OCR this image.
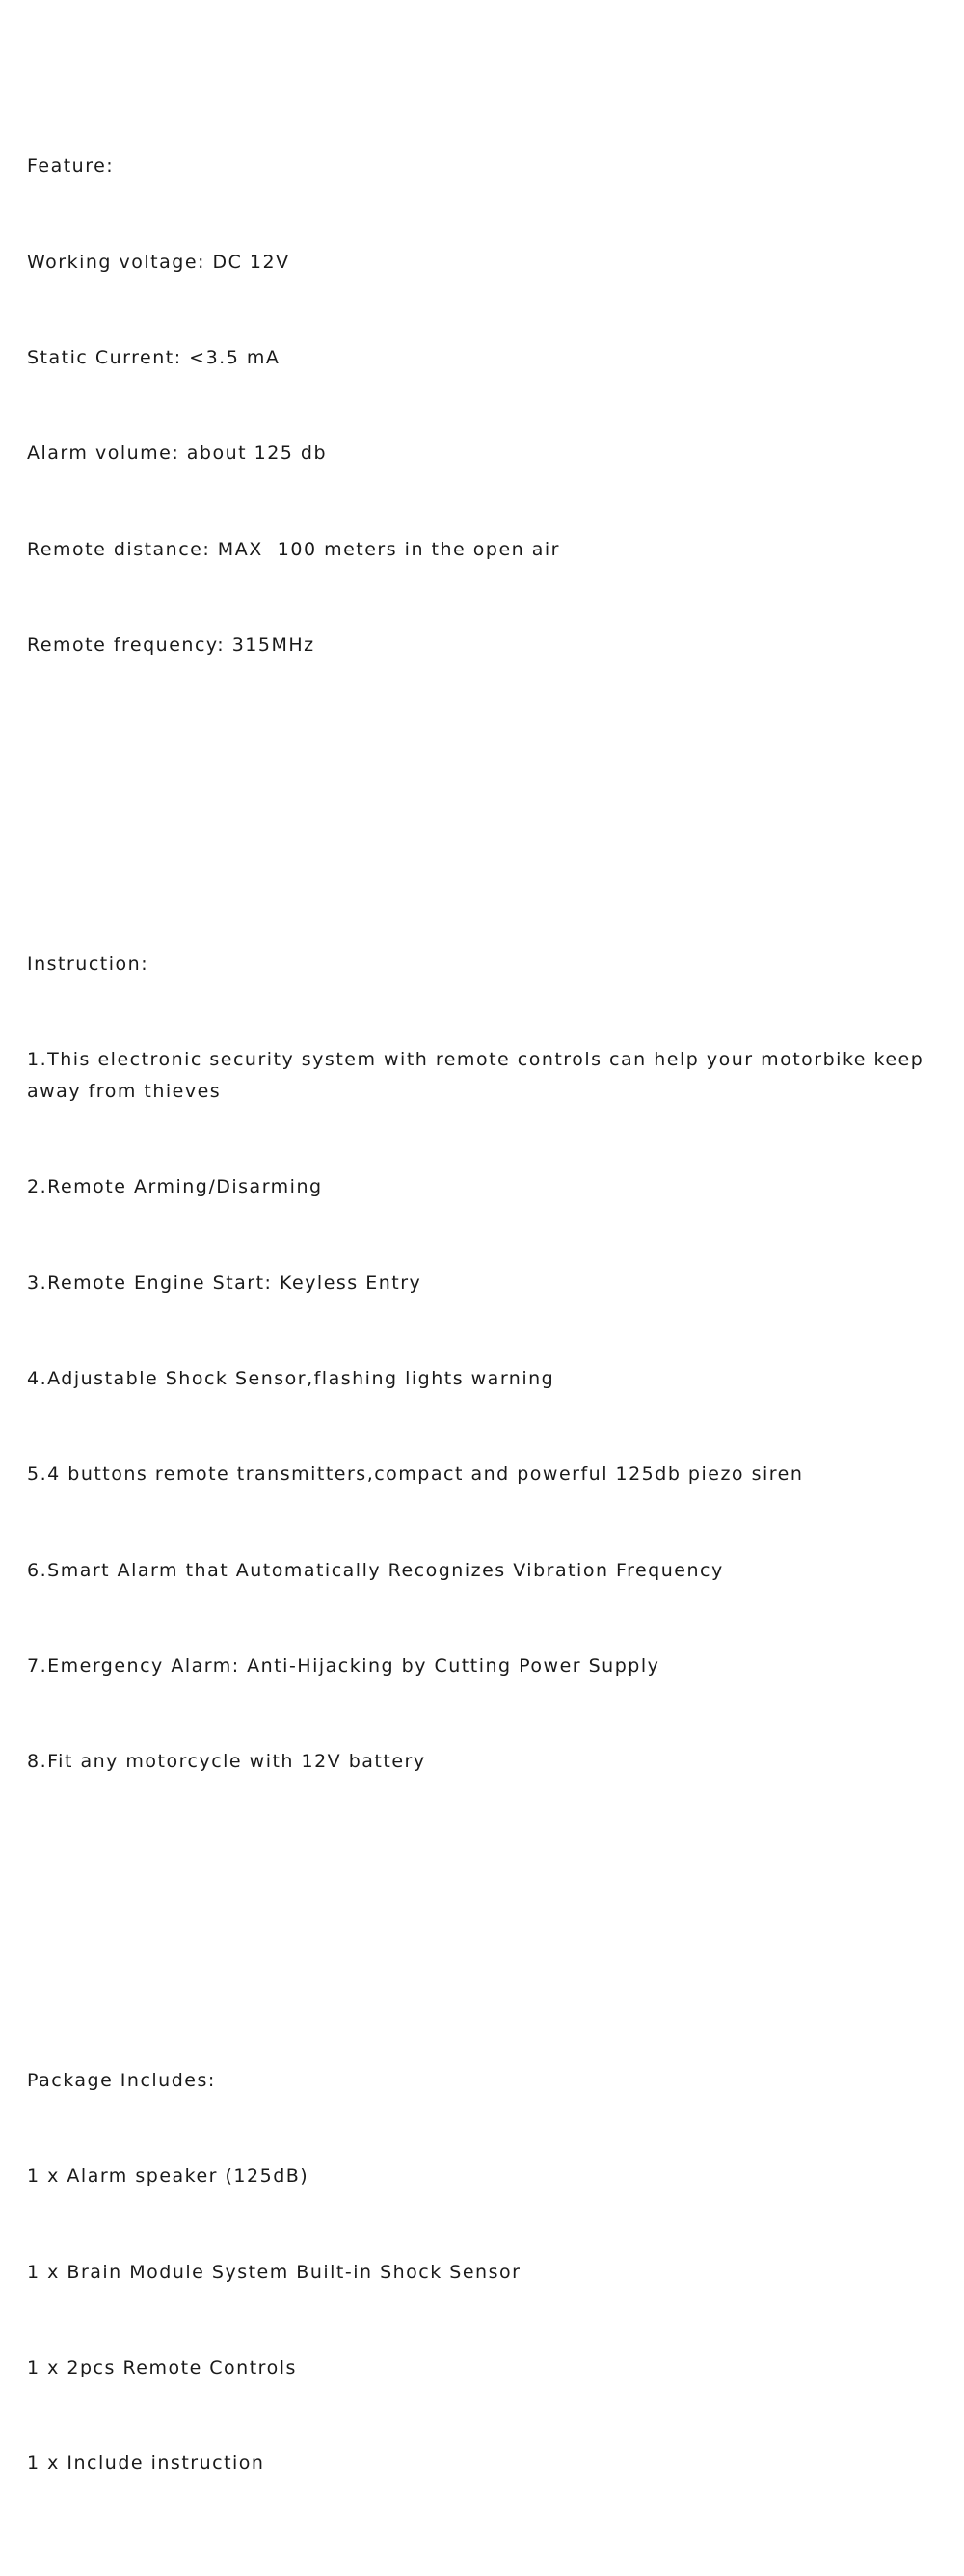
Feature:

Working voltage: DC 12V

Static Current: <3.5 mA

Alarm volume: about 125 db

Remote distance: MAX  100 meters in the open air

Remote frequency: 315MHz

Instruction:

1.This electronic security system with remote controls can help your motorbike keep away from thieves

2.Remote Arming/Disarming

3.Remote Engine Start: Keyless Entry

4.Adjustable Shock Sensor,flashing lights warning

5.4 buttons remote transmitters,compact and powerful 125db piezo siren

6.Smart Alarm that Automatically Recognizes Vibration Frequency

7.Emergency Alarm: Anti-Hijacking by Cutting Power Supply

8.Fit any motorcycle with 12V battery

Package Includes:

1 x Alarm speaker (125dB)

1 x Brain Module System Built-in Shock Sensor

1 x 2pcs Remote Controls

1 x Include instruction
